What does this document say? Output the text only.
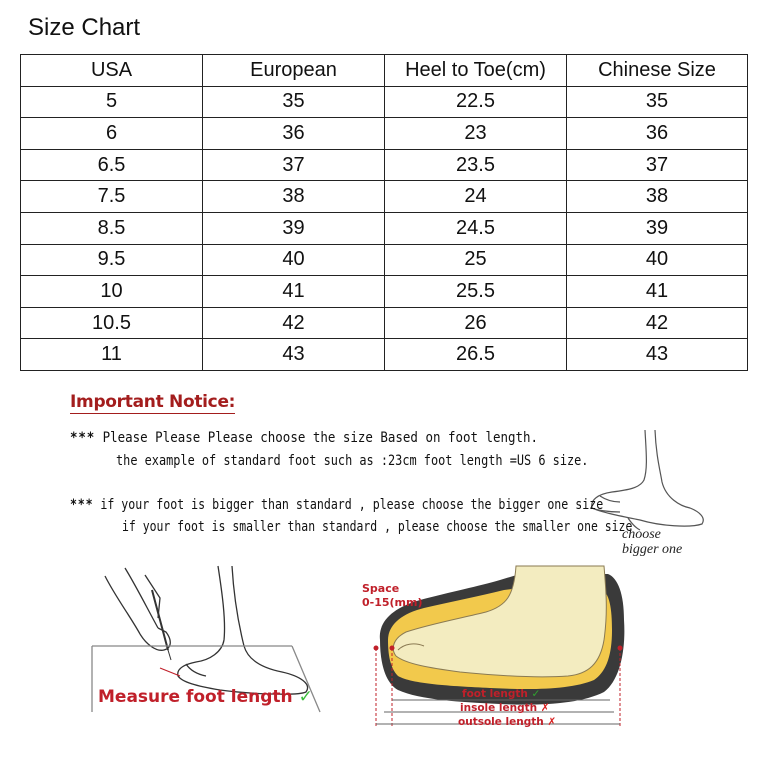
Size Chart
USA	European	Heel to Toe(cm)	Chinese Size
5	35	22.5	35
6	36	23	36
6.5	37	23.5	37
7.5	38	24	38
8.5	39	24.5	39
9.5	40	25	40
10	41	25.5	41
10.5	42	26	42
11	43	26.5	43
Important Notice:
*** Please Please Please choose the size Based on foot length.
the example of standard foot such as :23cm foot length =US 6 size.
*** if your foot is bigger than standard , please choose the bigger one size
if your foot is smaller than standard , please choose the smaller one size
choose
bigger one
Measure foot length ✓
Space
0-15(mm)
foot length ✓
insole length ✗
outsole length ✗
